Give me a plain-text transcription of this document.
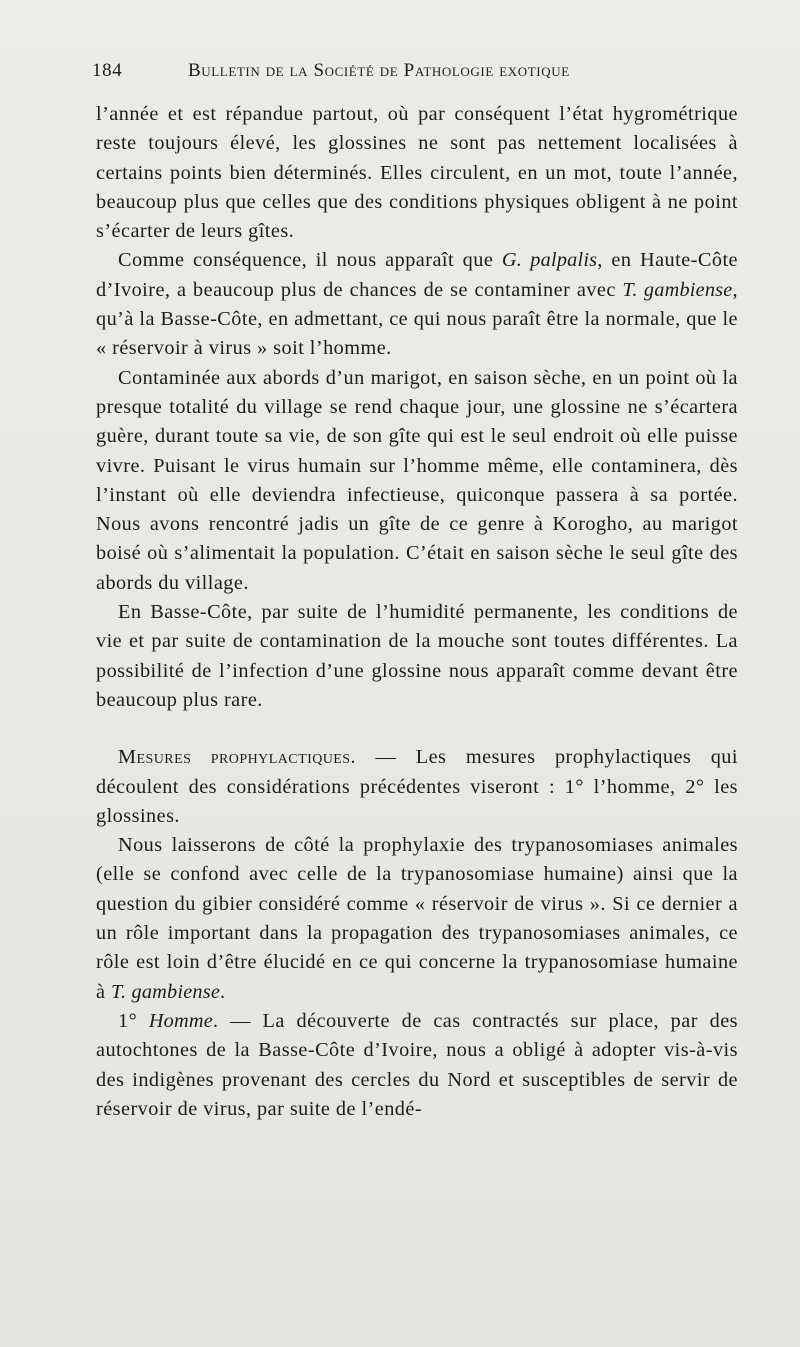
184	Bulletin de la Société de Pathologie exotique

l’année et est répandue partout, où par conséquent l’état hygrométrique reste toujours élevé, les glossines ne sont pas nettement localisées à certains points bien déterminés. Elles circulent, en un mot, toute l’année, beaucoup plus que celles que des conditions physiques obligent à ne point s’écarter de leurs gîtes.

Comme conséquence, il nous apparaît que G. palpalis, en Haute-Côte d’Ivoire, a beaucoup plus de chances de se contaminer avec T. gambiense, qu’à la Basse-Côte, en admettant, ce qui nous paraît être la normale, que le « réservoir à virus » soit l’homme.

Contaminée aux abords d’un marigot, en saison sèche, en un point où la presque totalité du village se rend chaque jour, une glossine ne s’écartera guère, durant toute sa vie, de son gîte qui est le seul endroit où elle puisse vivre. Puisant le virus humain sur l’homme même, elle contaminera, dès l’instant où elle deviendra infectieuse, quiconque passera à sa portée. Nous avons rencontré jadis un gîte de ce genre à Korogho, au marigot boisé où s’alimentait la population. C’était en saison sèche le seul gîte des abords du village.

En Basse-Côte, par suite de l’humidité permanente, les conditions de vie et par suite de contamination de la mouche sont toutes différentes. La possibilité de l’infection d’une glossine nous apparaît comme devant être beaucoup plus rare.

Mesures prophylactiques. — Les mesures prophylactiques qui découlent des considérations précédentes viseront : 1° l’homme, 2° les glossines.

Nous laisserons de côté la prophylaxie des trypanosomiases animales (elle se confond avec celle de la trypanosomiase humaine) ainsi que la question du gibier considéré comme « réservoir de virus ». Si ce dernier a un rôle important dans la propagation des trypanosomiases animales, ce rôle est loin d’être élucidé en ce qui concerne la trypanosomiase humaine à T. gambiense.

1° Homme. — La découverte de cas contractés sur place, par des autochtones de la Basse-Côte d’Ivoire, nous a obligé à adopter vis-à-vis des indigènes provenant des cercles du Nord et susceptibles de servir de réservoir de virus, par suite de l’endé-
